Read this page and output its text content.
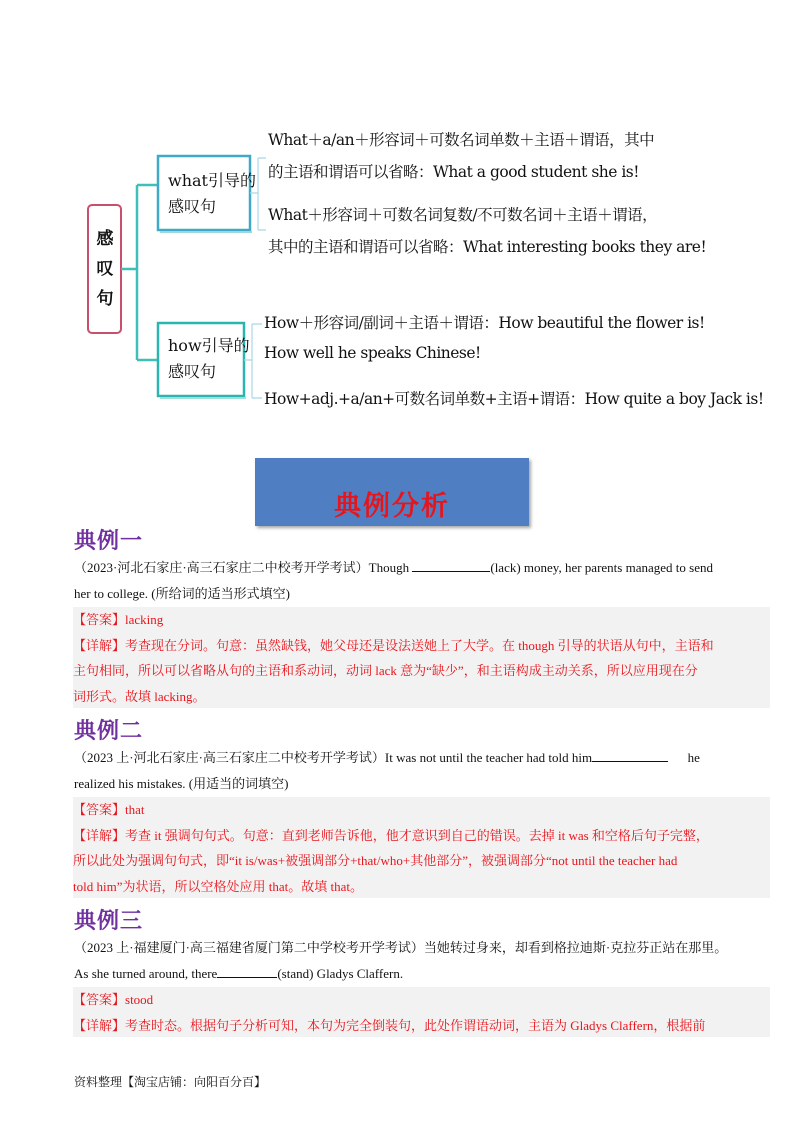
感叹句
what引导的
感叹句
how引导的
感叹句
What＋a/an＋形容词＋可数名词单数＋主语＋谓语，其中
的主语和谓语可以省略：What a good student she is!
What＋形容词＋可数名词复数/不可数名词＋主语＋谓语，
其中的主语和谓语可以省略：What interesting books they are!
How＋形容词/副词＋主语＋谓语：How beautiful the flower is!
How well he speaks Chinese!
How+adj.+a/an+可数名词单数+主语+谓语：How quite a boy Jack is!
典例分析
典例一
（2023·河北石家庄·高三石家庄二中校考开学考试）Though	(lack) money, her parents managed to send
her to college. (所给词的适当形式填空)

【答案】lacking

【详解】考查现在分词。句意：虽然缺钱，她父母还是设法送她上了大学。在 though 引导的状语从句中，主语和

主句相同，所以可以省略从句的主语和系动词，动词 lack 意为“缺少”，和主语构成主动关系，所以应用现在分

词形式。故填 lacking。

典例二
（2023 上·河北石家庄·高三石家庄二中校考开学考试）It was not until the teacher had told him	he
realized his mistakes. (用适当的词填空)

【答案】that

【详解】考查 it 强调句句式。句意：直到老师告诉他，他才意识到自己的错误。去掉 it was 和空格后句子完整，

所以此处为强调句句式，即“it is/was+被强调部分+that/who+其他部分”，被强调部分“not until the teacher had

told him”为状语，所以空格处应用 that。故填 that。

典例三
（2023 上·福建厦门·高三福建省厦门第二中学校考开学考试）当她转过身来，却看到格拉迪斯·克拉芬正站在那里。
As she turned around, there	(stand) Gladys Claffern.

【答案】stood

【详解】考查时态。根据句子分析可知，本句为完全倒装句，此处作谓语动词，主语为 Gladys Claffern，根据前

资料整理【淘宝店铺：向阳百分百】
